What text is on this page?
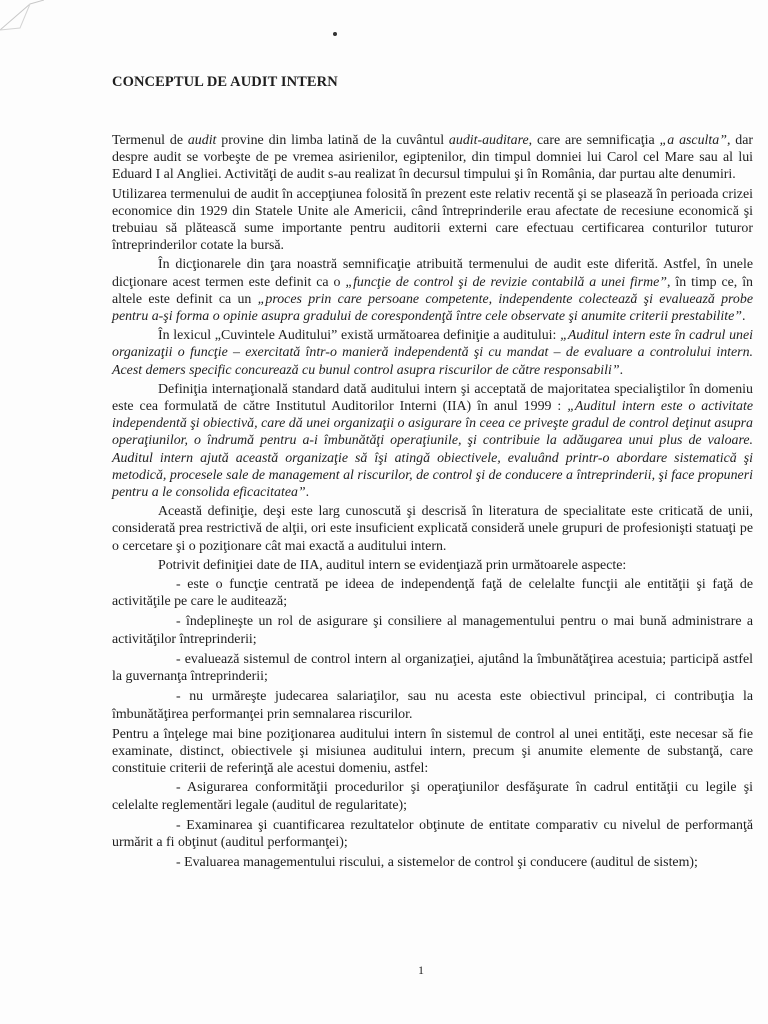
CONCEPTUL DE AUDIT INTERN

Termenul de audit provine din limba latină de la cuvântul audit-auditare, care are semnificaţia „a asculta”, dar despre audit se vorbeşte de pe vremea asirienilor, egiptenilor, din timpul domniei lui Carol cel Mare sau al lui Eduard I al Angliei. Activităţi de audit s-au realizat în decursul timpului şi în România, dar purtau alte denumiri.

Utilizarea termenului de audit în accepţiunea folosită în prezent este relativ recentă şi se plasează în perioada crizei economice din 1929 din Statele Unite ale Americii, când întreprinderile erau afectate de recesiune economică şi trebuiau să plătească sume importante pentru auditorii externi care efectuau certificarea conturilor tuturor întreprinderilor cotate la bursă.

În dicţionarele din ţara noastră semnificaţie atribuită termenului de audit este diferită. Astfel, în unele dicţionare acest termen este definit ca o „funcţie de control şi de revizie contabilă a unei firme”, în timp ce, în altele este definit ca un „proces prin care persoane competente, independente colectează şi evaluează probe pentru a-şi forma o opinie asupra gradului de corespondenţă între cele observate şi anumite criterii prestabilite”.

În lexicul „Cuvintele Auditului” există următoarea definiţie a auditului: „Auditul intern este în cadrul unei organizaţii o funcţie – exercitată într-o manieră independentă şi cu mandat – de evaluare a controlului intern. Acest demers specific concurează cu bunul control asupra riscurilor de către responsabili”.

Definiţia internaţională standard dată auditului intern şi acceptată de majoritatea specialiştilor în domeniu este cea formulată de către Institutul Auditorilor Interni (IIA) în anul 1999 : „Auditul intern este o activitate independentă şi obiectivă, care dă unei organizaţii o asigurare în ceea ce priveşte gradul de control deţinut asupra operaţiunilor, o îndrumă pentru a-i îmbunătăţi operaţiunile, şi contribuie la adăugarea unui plus de valoare. Auditul intern ajută această organizaţie să îşi atingă obiectivele, evaluând printr-o abordare sistematică şi metodică, procesele sale de management al riscurilor, de control şi de conducere a întreprinderii, şi face propuneri pentru a le consolida eficacitatea”.

Această definiţie, deşi este larg cunoscută şi descrisă în literatura de specialitate este criticată de unii, considerată prea restrictivă de alţii, ori este insuficient explicată consideră unele grupuri de profesionişti statuaţi pe o cercetare şi o poziţionare cât mai exactă a auditului intern.

Potrivit definiţiei date de IIA, auditul intern se evidenţiază prin următoarele aspecte:

- este o funcţie centrată pe ideea de independenţă faţă de celelalte funcţii ale entităţii şi faţă de activităţile pe care le auditează;

- îndeplineşte un rol de asigurare şi consiliere al managementului pentru o mai bună administrare a activităţilor întreprinderii;

- evaluează sistemul de control intern al organizaţiei, ajutând la îmbunătăţirea acestuia; participă astfel la guvernanţa întreprinderii;

- nu urmăreşte judecarea salariaţilor, sau nu acesta este obiectivul principal, ci contribuţia la îmbunătăţirea performanţei prin semnalarea riscurilor.

Pentru a înţelege mai bine poziţionarea auditului intern în sistemul de control al unei entităţi, este necesar să fie examinate, distinct, obiectivele şi misiunea auditului intern, precum şi anumite elemente de substanţă, care constituie criterii de referinţă ale acestui domeniu, astfel:

- Asigurarea conformităţii procedurilor şi operaţiunilor desfăşurate în cadrul entităţii cu legile şi celelalte reglementări legale (auditul de regularitate);

- Examinarea şi cuantificarea rezultatelor obţinute de entitate comparativ cu nivelul de performanţă urmărit a fi obţinut (auditul performanţei);

- Evaluarea managementului riscului, a sistemelor de control şi conducere (auditul de sistem);

1
